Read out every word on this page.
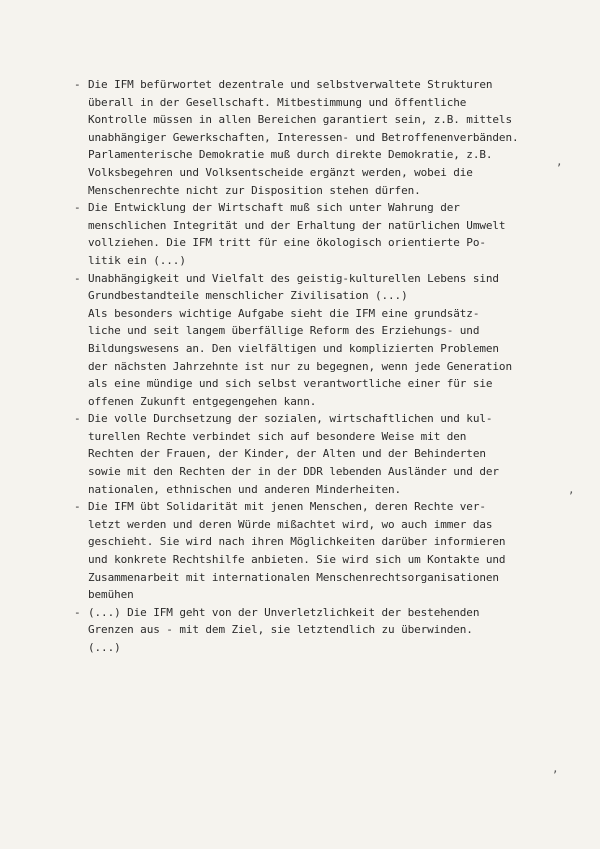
- Die IFM befürwortet dezentrale und selbstverwaltete Strukturen
überall in der Gesellschaft. Mitbestimmung und öffentliche
Kontrolle müssen in allen Bereichen garantiert sein, z.B. mittels
unabhängiger Gewerkschaften, Interessen- und Betroffenenverbänden.
Parlamenterische Demokratie muß durch direkte Demokratie, z.B.
Volksbegehren und Volksentscheide ergänzt werden, wobei die
Menschenrechte nicht zur Disposition stehen dürfen.
- Die Entwicklung der Wirtschaft muß sich unter Wahrung der
menschlichen Integrität und der Erhaltung der natürlichen Umwelt
vollziehen. Die IFM tritt für eine ökologisch orientierte Po-
litik ein (...)
- Unabhängigkeit und Vielfalt des geistig-kulturellen Lebens sind
Grundbestandteile menschlicher Zivilisation (...)
Als besonders wichtige Aufgabe sieht die IFM eine grundsätz-
liche und seit langem überfällige Reform des Erziehungs- und
Bildungswesens an. Den vielfältigen und komplizierten Problemen
der nächsten Jahrzehnte ist nur zu begegnen, wenn jede Generation
als eine mündige und sich selbst verantwortliche einer für sie
offenen Zukunft entgegengehen kann.
- Die volle Durchsetzung der sozialen, wirtschaftlichen und kul-
turellen Rechte verbindet sich auf besondere Weise mit den
Rechten der Frauen, der Kinder, der Alten und der Behinderten
sowie mit den Rechten der in der DDR lebenden Ausländer und der
nationalen, ethnischen und anderen Minderheiten.
- Die IFM übt Solidarität mit jenen Menschen, deren Rechte ver-
letzt werden und deren Würde mißachtet wird, wo auch immer das
geschieht. Sie wird nach ihren Möglichkeiten darüber informieren
und konkrete Rechtshilfe anbieten. Sie wird sich um Kontakte und
Zusammenarbeit mit internationalen Menschenrechtsorganisationen
bemühen
- (...) Die IFM geht von der Unverletzlichkeit der bestehenden
Grenzen aus - mit dem Ziel, sie letztendlich zu überwinden.
(...)
,
,
,
